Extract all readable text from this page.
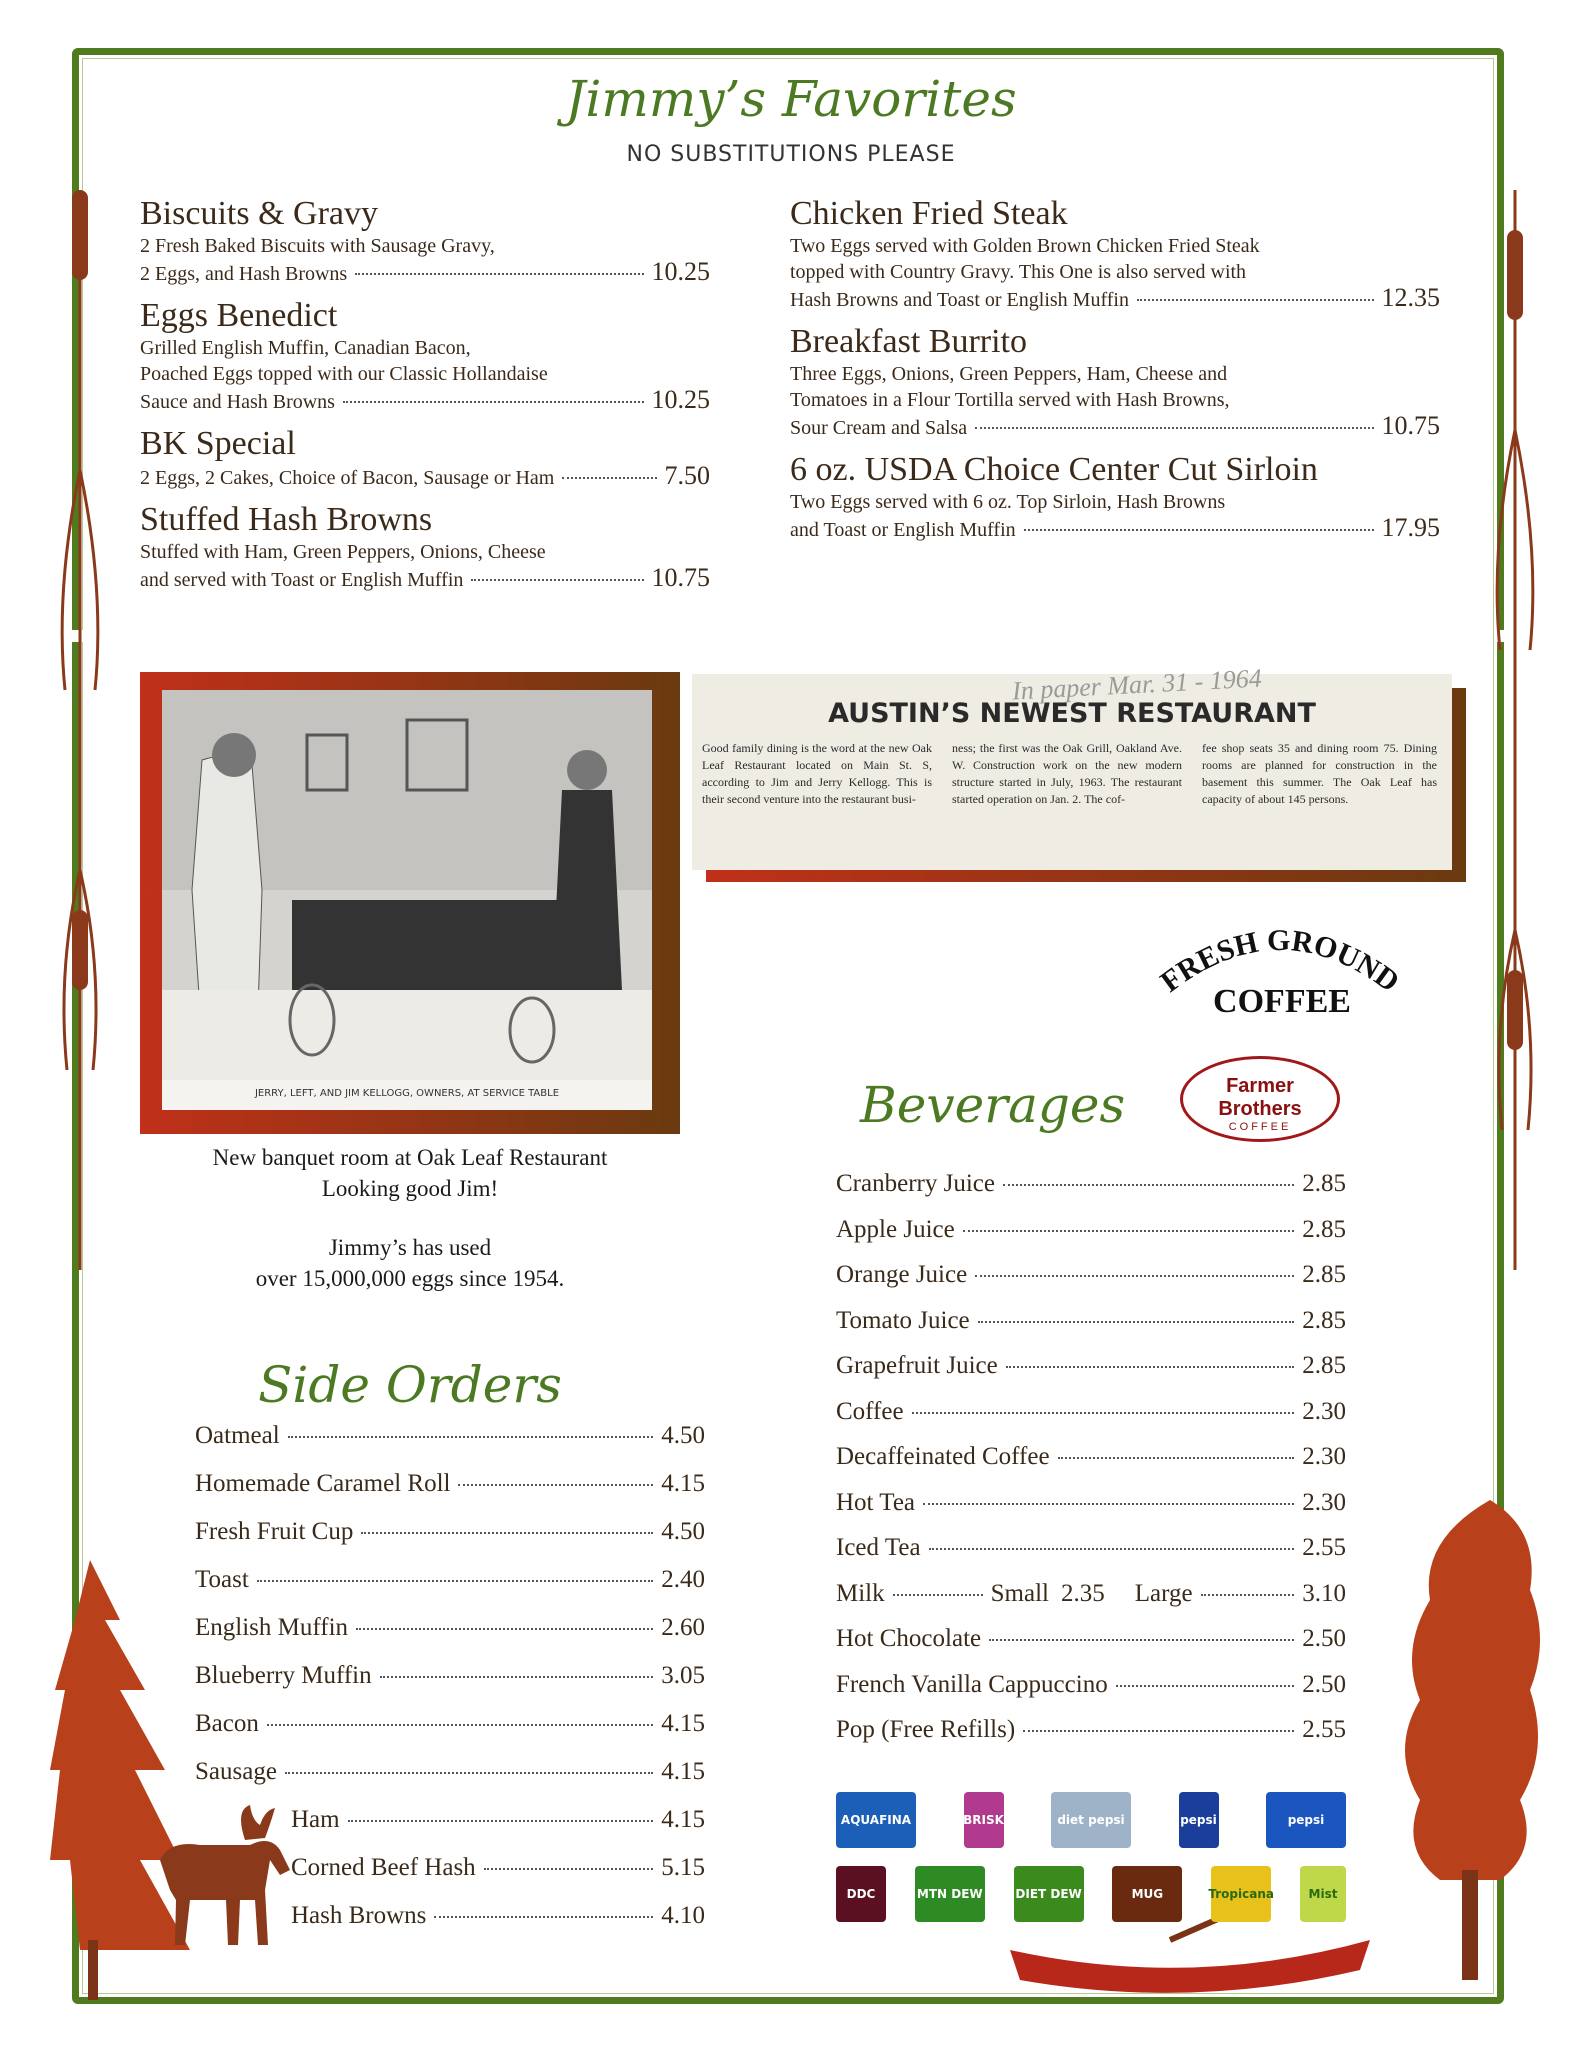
Jimmy’s Favorites
NO SUBSTITUTIONS PLEASE
Biscuits & Gravy
2 Fresh Baked Biscuits with Sausage Gravy,
2 Eggs, and Hash Browns	10.25
Eggs Benedict
Grilled English Muffin, Canadian Bacon,
Poached Eggs topped with our Classic Hollandaise
Sauce and Hash Browns	10.25
BK Special
2 Eggs, 2 Cakes, Choice of Bacon, Sausage or Ham	7.50
Stuffed Hash Browns
Stuffed with Ham, Green Peppers, Onions, Cheese
and served with Toast or English Muffin	10.75
Chicken Fried Steak
Two Eggs served with Golden Brown Chicken Fried Steak
topped with Country Gravy. This One is also served with
Hash Browns and Toast or English Muffin	12.35
Breakfast Burrito
Three Eggs, Onions, Green Peppers, Ham, Cheese and
Tomatoes in a Flour Tortilla served with Hash Browns,
Sour Cream and Salsa	10.75
6 oz. USDA Choice Center Cut Sirloin
Two Eggs served with 6 oz. Top Sirloin, Hash Browns
and Toast or English Muffin	17.95
JERRY, LEFT, AND JIM KELLOGG, OWNERS, AT SERVICE TABLE
In paper Mar. 31 - 1964
AUSTIN’S NEWEST RESTAURANT
Good family dining is the word at the new Oak Leaf Restaurant located on Main St. S, according to Jim and Jerry Kellogg. This is their second venture into the restaurant busi-
ness; the first was the Oak Grill, Oakland Ave. W. Construction work on the new modern structure started in July, 1963. The restaurant started operation on Jan. 2. The cof-
fee shop seats 35 and dining room 75. Dining rooms are planned for construction in the basement this summer. The Oak Leaf has capacity of about 145 persons.
New banquet room at Oak Leaf Restaurant
Looking good Jim!
Jimmy’s has used
over 15,000,000 eggs since 1954.
FRESH GROUND
COFFEE
Farmer Brothers
COFFEE
Side Orders
Oatmeal	4.50
Homemade Caramel Roll	4.15
Fresh Fruit Cup	4.50
Toast	2.40
English Muffin	2.60
Blueberry Muffin	3.05
Bacon	4.15
Sausage	4.15
Ham	4.15
Corned Beef Hash	5.15
Hash Browns	4.10
Beverages
Cranberry Juice	2.85
Apple Juice	2.85
Orange Juice	2.85
Tomato Juice	2.85
Grapefruit Juice	2.85
Coffee	2.30
Decaffeinated Coffee	2.30
Hot Tea	2.30
Iced Tea	2.55
Milk	Small 2.35 Large	3.10
Hot Chocolate	2.50
French Vanilla Cappuccino	2.50
Pop (Free Refills)	2.55
AQUAFINA	BRISK	diet pepsi	pepsi	pepsi
DDC	MTN DEW	DIET DEW	MUG	Tropicana	Mist
